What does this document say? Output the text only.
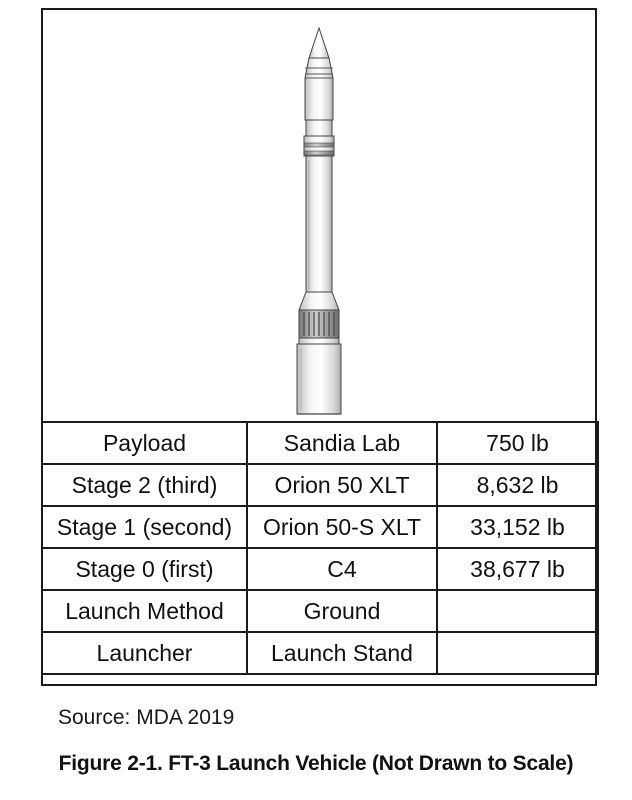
Payload	Sandia Lab	750 lb
Stage 2 (third)	Orion 50 XLT	8,632 lb
Stage 1 (second)	Orion 50-S XLT	33,152 lb
Stage 0 (first)	C4	38,677 lb
Launch Method	Ground	
Launcher	Launch Stand	
Source: MDA 2019
Figure 2-1. FT-3 Launch Vehicle (Not Drawn to Scale)
